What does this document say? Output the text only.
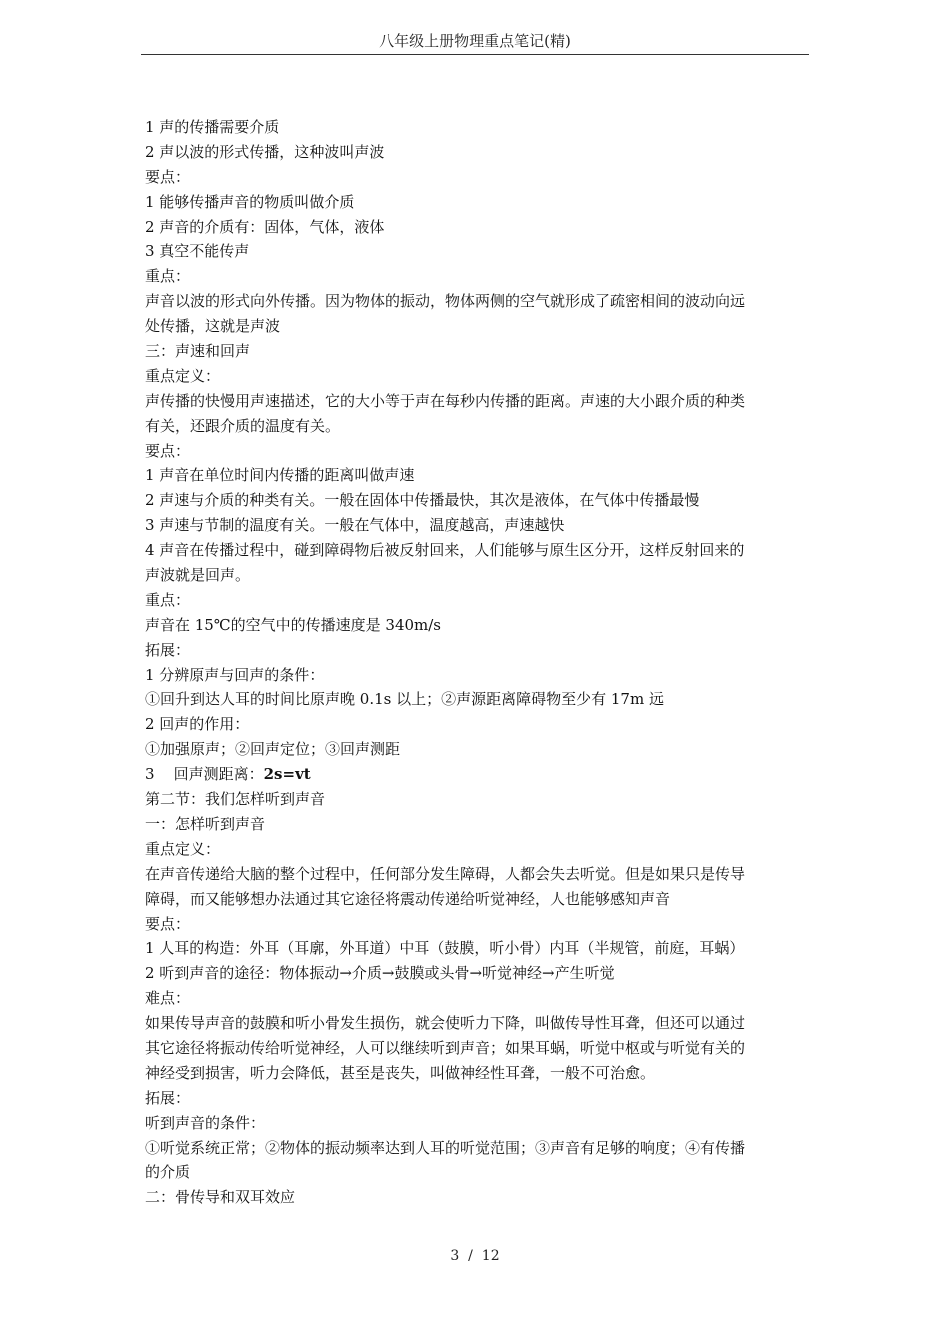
八年级上册物理重点笔记(精)
1 声的传播需要介质
2 声以波的形式传播，这种波叫声波
要点：
1 能够传播声音的物质叫做介质
2 声音的介质有：固体，气体，液体
3 真空不能传声
重点：
声音以波的形式向外传播。因为物体的振动，物体两侧的空气就形成了疏密相间的波动向远
处传播，这就是声波
三：声速和回声
重点定义：
声传播的快慢用声速描述，它的大小等于声在每秒内传播的距离。声速的大小跟介质的种类
有关，还跟介质的温度有关。
要点：
1 声音在单位时间内传播的距离叫做声速
2 声速与介质的种类有关。一般在固体中传播最快，其次是液体，在气体中传播最慢
3 声速与节制的温度有关。一般在气体中，温度越高，声速越快
4 声音在传播过程中，碰到障碍物后被反射回来，人们能够与原生区分开，这样反射回来的
声波就是回声。
重点：
声音在 15℃的空气中的传播速度是 340m/s
拓展：
1 分辨原声与回声的条件：
①回升到达人耳的时间比原声晚 0.1s 以上；②声源距离障碍物至少有 17m 远
2 回声的作用：
①加强原声；②回声定位；③回声测距
3    回声测距离：2s=vt
第二节：我们怎样听到声音
一：怎样听到声音
重点定义：
在声音传递给大脑的整个过程中，任何部分发生障碍，人都会失去听觉。但是如果只是传导
障碍，而又能够想办法通过其它途径将震动传递给听觉神经，人也能够感知声音
要点：
1 人耳的构造：外耳（耳廓，外耳道）中耳（鼓膜，听小骨）内耳（半规管，前庭，耳蜗）
2 听到声音的途径：物体振动→介质→鼓膜或头骨→听觉神经→产生听觉
难点：
如果传导声音的鼓膜和听小骨发生损伤，就会使听力下降，叫做传导性耳聋，但还可以通过
其它途径将振动传给听觉神经，人可以继续听到声音；如果耳蜗，听觉中枢或与听觉有关的
神经受到损害，听力会降低，甚至是丧失，叫做神经性耳聋，一般不可治愈。
拓展：
听到声音的条件：
①听觉系统正常；②物体的振动频率达到人耳的听觉范围；③声音有足够的响度；④有传播
的介质
二：骨传导和双耳效应
3  /  12
